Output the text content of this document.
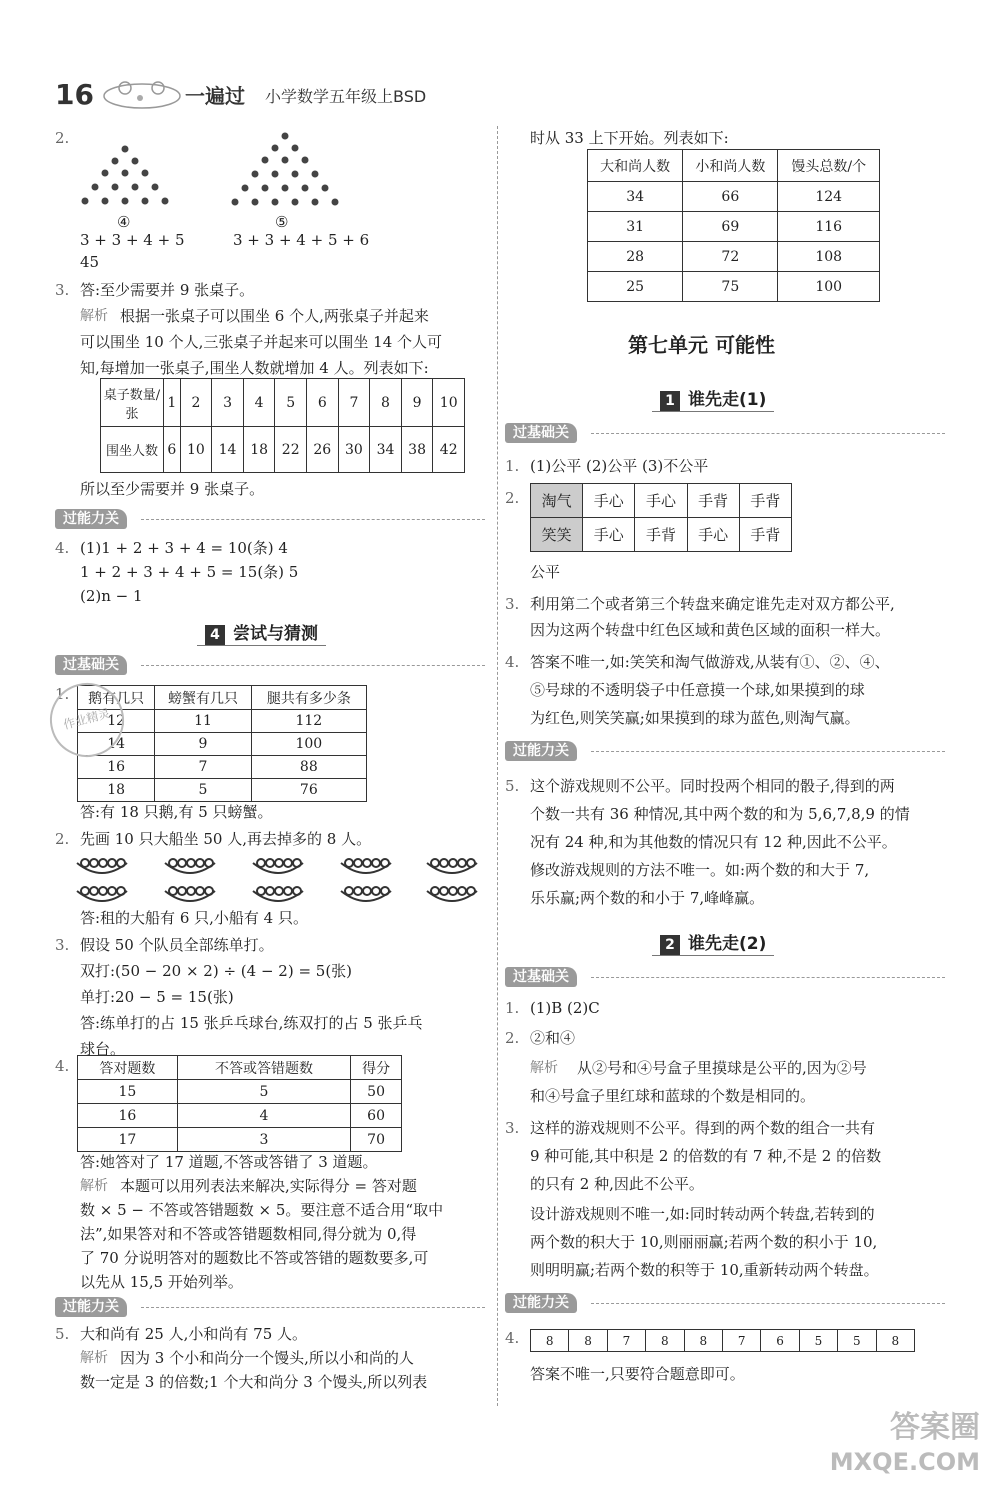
16	一遍过 小学数学五年级上BSD
2.
④	⑤
3 + 3 + 4 + 5	3 + 3 + 4 + 5 + 6
45
3. 答:至少需要并 9 张桌子。
解析 根据一张桌子可以围坐 6 个人,两张桌子并起来
可以围坐 10 个人,三张桌子并起来可以围坐 14 个人可
知,每增加一张桌子,围坐人数就增加 4 人。列表如下:
桌子数量/张	1	2	3	4	5	6	7	8	9	10
围坐人数	6	10	14	18	22	26	30	34	38	42
所以至少需要并 9 张桌子。
过能力关
4. (1)1 + 2 + 3 + 4 = 10(条) 4
1 + 2 + 3 + 4 + 5 = 15(条) 5
(2)n − 1
4 尝试与猜测
过基础关
1. 鹅有几只	螃蟹有几只	腿共有多少条
12	11	112
14	9	100
16	7	88
18	5	76
答:有 18 只鹅,有 5 只螃蟹。
2. 先画 10 只大船坐 50 人,再去掉多的 8 人。
答:租的大船有 6 只,小船有 4 只。
3. 假设 50 个队员全部练单打。
双打:(50 − 20 × 2) ÷ (4 − 2) = 5(张)
单打:20 − 5 = 15(张)
答:练单打的占 15 张乒乓球台,练双打的占 5 张乒乓
球台。
4. 答对题数	不答或答错题数	得分
15	5	50
16	4	60
17	3	70
答:她答对了 17 道题,不答或答错了 3 道题。
解析 本题可以用列表法来解决,实际得分 = 答对题
数 × 5 − 不答或答错题数 × 5。要注意不适合用“取中
法”,如果答对和不答或答错题数相同,得分就为 0,得
了 70 分说明答对的题数比不答或答错的题数要多,可
以先从 15,5 开始列举。
过能力关
5. 大和尚有 25 人,小和尚有 75 人。
解析 因为 3 个小和尚分一个馒头,所以小和尚的人
数一定是 3 的倍数;1 个大和尚分 3 个馒头,所以列表
时从 33 上下开始。列表如下:
大和尚人数	小和尚人数	馒头总数/个
34	66	124
31	69	116
28	72	108
25	75	100
第七单元 可能性
1 谁先走(1)
过基础关
1. (1)公平 (2)公平 (3)不公平
2. 淘气	手心	手心	手背	手背
笑笑	手心	手背	手心	手背
公平
3. 利用第二个或者第三个转盘来确定谁先走对双方都公平,
因为这两个转盘中红色区域和黄色区域的面积一样大。
4. 答案不唯一,如:笑笑和淘气做游戏,从装有①、②、④、
⑤号球的不透明袋子中任意摸一个球,如果摸到的球
为红色,则笑笑赢;如果摸到的球为蓝色,则淘气赢。
过能力关
5. 这个游戏规则不公平。同时投两个相同的骰子,得到的两
个数一共有 36 种情况,其中两个数的和为 5,6,7,8,9 的情
况有 24 种,和为其他数的情况只有 12 种,因此不公平。
修改游戏规则的方法不唯一。如:两个数的和大于 7,
乐乐赢;两个数的和小于 7,峰峰赢。
2 谁先走(2)
过基础关
1. (1)B (2)C
2. ②和④
解析 从②号和④号盒子里摸球是公平的,因为②号
和④号盒子里红球和蓝球的个数是相同的。
3. 这样的游戏规则不公平。得到的两个数的组合一共有
9 种可能,其中积是 2 的倍数的有 7 种,不是 2 的倍数
的只有 2 种,因此不公平。
设计游戏规则不唯一,如:同时转动两个转盘,若转到的
两个数的积大于 10,则丽丽赢;若两个数的积小于 10,
则明明赢;若两个数的积等于 10,重新转动两个转盘。
过能力关
4. 8	8	7	8	8	7	6	5	5	8
答案不唯一,只要符合题意即可。
作业精灵
答案圈
MXQE.COM
